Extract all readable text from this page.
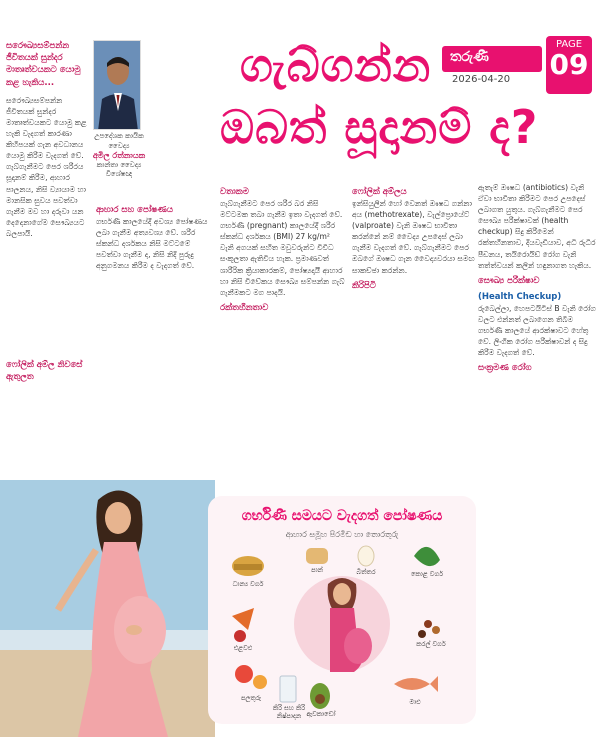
ගැබ්ගන්න
ඔබත් සූදානම් ද?
තරුණී
2026-04-20
PAGE
09
සරෞඛ්‍යසම්පන්න ජීවිතයක් සුන්දර මාතෘත්වයකට යොමු කළ හැකිය...
සරෞඛ්‍යසම්පන්න ජීවිතයක් සුන්දර මාතෘත්වයකට යොමු කළ හැකි වැදගත් කාරණා කිහිපයක් ගැන අවධානය යොමු කිරීම වැදගත් වේ. ගැබ්ගැනීමට පෙර ශරීරය සූදානම් කිරීම, ආහාර පාලනය, නිසි ව්‍යායාම හා මානසික සුවය පවත්වා ගැනීම මව හා දරුවා යන දෙදෙනාගේම සෞඛ්‍යයට බලපායි.
ෆෝලික් අම්ල නිවසේ ඇතුලත
උපදේශක කායික වෛද්‍ය
අමිල රත්නායක
කාන්තා වෛද්‍ය විශේෂඥ
ආහාර සහ පෝෂණය
ගර්භණී කාලයේදී අවශ්‍ය පෝෂණය ලබා ගැනීම අත්‍යවශ්‍ය වේ. ශරීර ස්කන්ධ දර්ශකය නිසි මට්ටමේ පවත්වා ගැනීම ද, නිසි නිදි පුරුදු අනුගමනය කිරීම ද වැදගත් වේ.
වතාකම
ගැබ්ගැනීමට පෙර ශරීර බර නිසි මට්ටමක තබා ගැනීම ඉතා වැදගත් වේ. ගර්භණී (pregnant) කාලයේදී ශරීර ස්කන්ධ දර්ශකය (BMI) 27 kg/m² වැනි අගයක් සහිත මවුවරුන්ට විවිධ සංකූලතා ඇතිවිය හැක. ප්‍රමාණවත් ශාරීරික ක්‍රියාකාරකම්, පෝෂ්‍යදායී ආහාර හා නිසි විවේකය සෞඛ්‍ය සම්පන්න ගැබ් ගැනීමකට මග පාදයි.
රක්තහීනතාව
ෆෝලික් අම්ලය
ඉන්සියුලින් හෝ වෙනත් ඖෂධ ගන්නා අය (methotrexate), වැල්ප්‍රොයේට් (valproate) වැනි ඖෂධ භාවිතා කරන්නේ නම් වෛද්‍ය උපදෙස් ලබා ගැනීම වැදගත් වේ. ගැබ්ගැනීමට පෙර ඔබගේ ඖෂධ ගැන වෛද්‍යවරයා සමඟ සාකච්ඡා කරන්න.
කිරිපිටි
ඇතැම් ඖෂධ (antibiotics) වැනි ඒවා භාවිතා කිරීමට පෙර උපදෙස් ලබාගත යුතුය. ගැබ්ගැනීමට පෙර සෞඛ්‍ය පරීක්ෂාවක් (health checkup) සිදු කිරීමෙන් රක්තහීනතාව, දියවැඩියාව, අධි රුධිර පීඩනය, තයිරොයිඩ් රෝග වැනි තත්ත්වයන් කලින් හඳුනාගත හැකිය.
සෞඛ්‍ය පරීක්ෂාව
(Health Checkup)
රුබෙල්ලා, හෙපටයිටිස් B වැනි රෝග වලට එන්නත් ලබාගෙන තිබීම ගර්භණී කාලයේ ආරක්ෂාවට හේතු වේ. ලිංගික රෝග පරීක්ෂාවන් ද සිදු කිරීම වැදගත් වේ.
සංක්‍රමණ රෝග
ගර්භිණී සමයට වැදගත් පෝෂණය
ආහාර සමූහ පිරමීඩ හා තොරතුරු
ධාන්‍ය වර්ග
පාන්	බිත්තර	කොළ වර්ග
එළවළු
පලතුරු
කිරි සහ කිරි නිෂ්පාදන
මාළු
ඇවකාඩෝ
කරල් වර්ග
